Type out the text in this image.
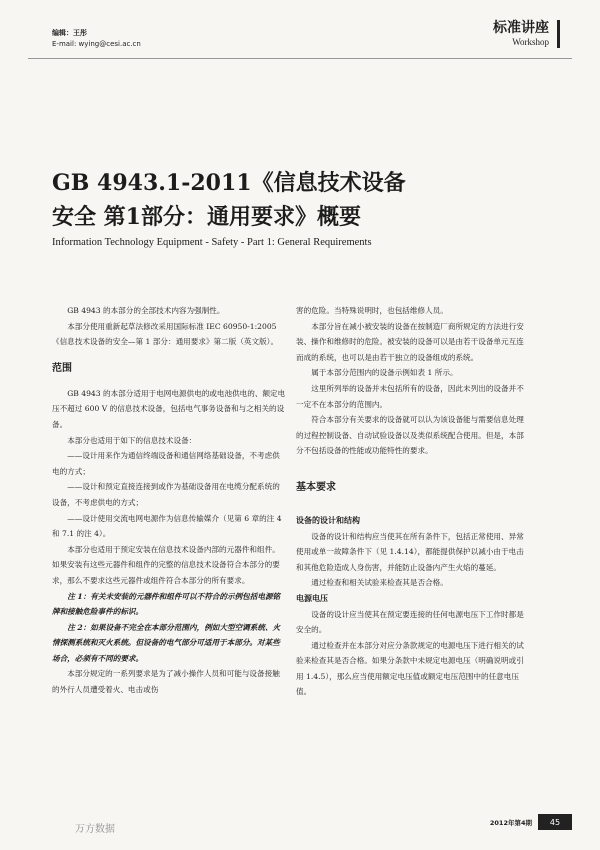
编辑：王彤
E-mail: wying@cesi.ac.cn
标准讲座
Workshop
GB 4943.1-2011《信息技术设备
安全 第1部分：通用要求》概要
Information Technology Equipment - Safety - Part 1: General Requirements

GB 4943 的本部分的全部技术内容为强制性。

本部分使用重新起草法修改采用国际标准 IEC 60950-1:2005《信息技术设备的安全—第 1 部分：通用要求》第二版（英文版）。

范围

GB 4943 的本部分适用于电网电源供电的或电池供电的、额定电压不超过 600 V 的信息技术设备，包括电气事务设备和与之相关的设备。

本部分也适用于如下的信息技术设备：

——设计用来作为通信终端设备和通信网络基础设备，不考虑供电的方式；

——设计和预定直接连接到或作为基础设备用在电缆分配系统的设备，不考虑供电的方式；

——设计使用交流电网电源作为信息传输媒介（见第 6 章的注 4 和 7.1 的注 4）。

本部分也适用于预定安装在信息技术设备内部的元器件和组件。如果安装有这些元器件和组件的完整的信息技术设备符合本部分的要求，那么不要求这些元器件或组件符合本部分的所有要求。

注 1：有关未安装的元器件和组件可以不符合的示例包括电源铭牌和接触危险事件的标识。

注 2：如果设备不完全在本部分范围内，例如大型空调系统、火情探测系统和灭火系统。但设备的电气部分可适用于本部分。对某些场合，必须有不同的要求。

本部分规定的一系列要求是为了减小操作人员和可能与设备接触的外行人员遭受着火、电击或伤

害的危险。当特殊说明时，也包括维修人员。

本部分旨在减小被安装的设备在按制造厂商所规定的方法进行安装、操作和维修时的危险。被安装的设备可以是由若干设备单元互连而成的系统，也可以是由若干独立的设备组成的系统。

属于本部分范围内的设备示例如表 1 所示。

这里所列举的设备并未包括所有的设备，因此未列出的设备并不一定不在本部分的范围内。

符合本部分有关要求的设备就可以认为该设备能与需要信息处理的过程控制设备、自动试验设备以及类似系统配合使用。但是，本部分不包括设备的性能或功能特性的要求。

基本要求
设备的设计和结构

设备的设计和结构应当使其在所有条件下，包括正常使用、异常使用或单一故障条件下（见 1.4.14），都能提供保护以减小由于电击和其他危险造成人身伤害，并能防止设备内产生火焰的蔓延。

通过检查和相关试验来检查其是否合格。

电源电压

设备的设计应当使其在预定要连接的任何电源电压下工作时都是安全的。

通过检查并在本部分对应分条款规定的电源电压下进行相关的试验来检查其是否合格。如果分条款中未规定电源电压（明确说明或引用 1.4.5），那么应当使用额定电压值或额定电压范围中的任意电压值。

万方数据
2012年第4期	45
